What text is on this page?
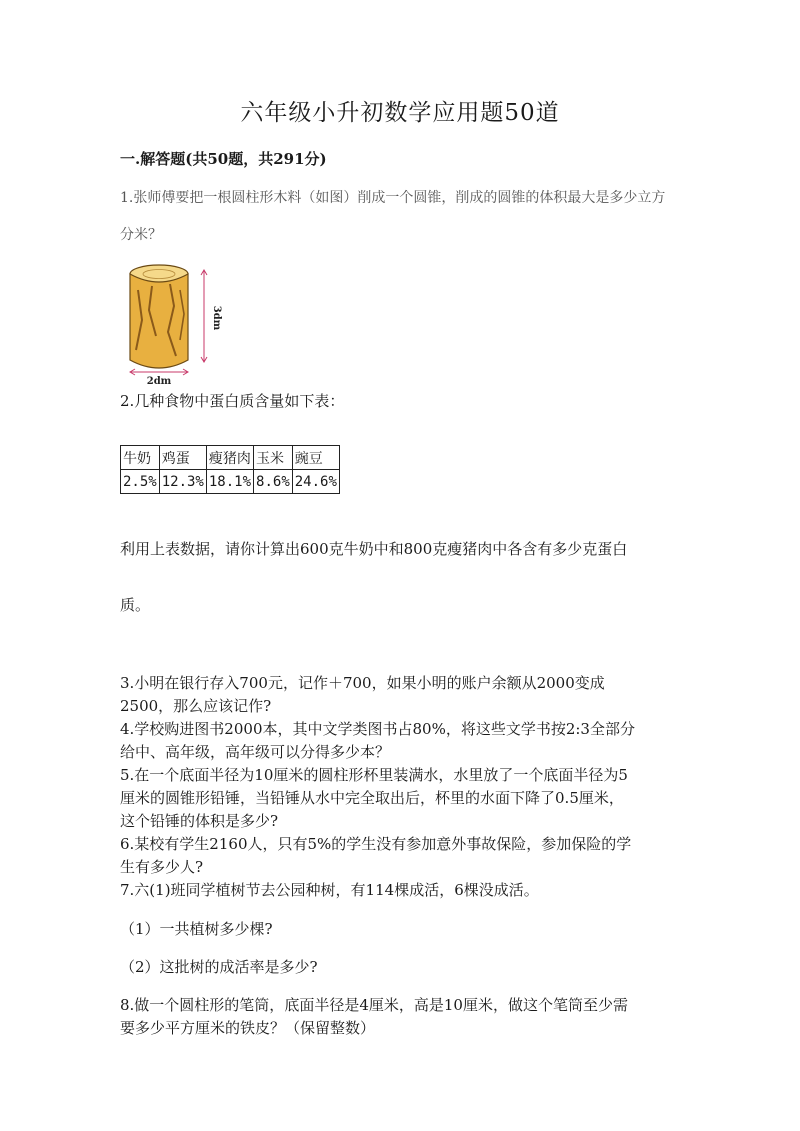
六年级小升初数学应用题50道
一.解答题(共50题，共291分)
1.张师傅要把一根圆柱形木料（如图）削成一个圆锥，削成的圆锥的体积最大是多少立方
分米？
3dm
2dm
2.几种食物中蛋白质含量如下表：
牛奶	鸡蛋	瘦猪肉	玉米	豌豆
2.5%	12.3%	18.1%	8.6%	24.6%
利用上表数据，请你计算出600克牛奶中和800克瘦猪肉中各含有多少克蛋白
质。
3.小明在银行存入700元，记作＋700，如果小明的账户余额从2000变成
2500，那么应该记作?
4.学校购进图书2000本，其中文学类图书占80%，将这些文学书按2:3全部分
给中、高年级，高年级可以分得多少本？
5.在一个底面半径为10厘米的圆柱形杯里装满水，水里放了一个底面半径为5
厘米的圆锥形铅锤，当铅锤从水中完全取出后，杯里的水面下降了0.5厘米，
这个铅锤的体积是多少?
6.某校有学生2160人，只有5%的学生没有参加意外事故保险，参加保险的学
生有多少人?
7.六(1)班同学植树节去公园种树，有114棵成活，6棵没成活。
（1）一共植树多少棵?
（2）这批树的成活率是多少?
8.做一个圆柱形的笔筒，底面半径是4厘米，高是10厘米，做这个笔筒至少需
要多少平方厘米的铁皮？（保留整数）
